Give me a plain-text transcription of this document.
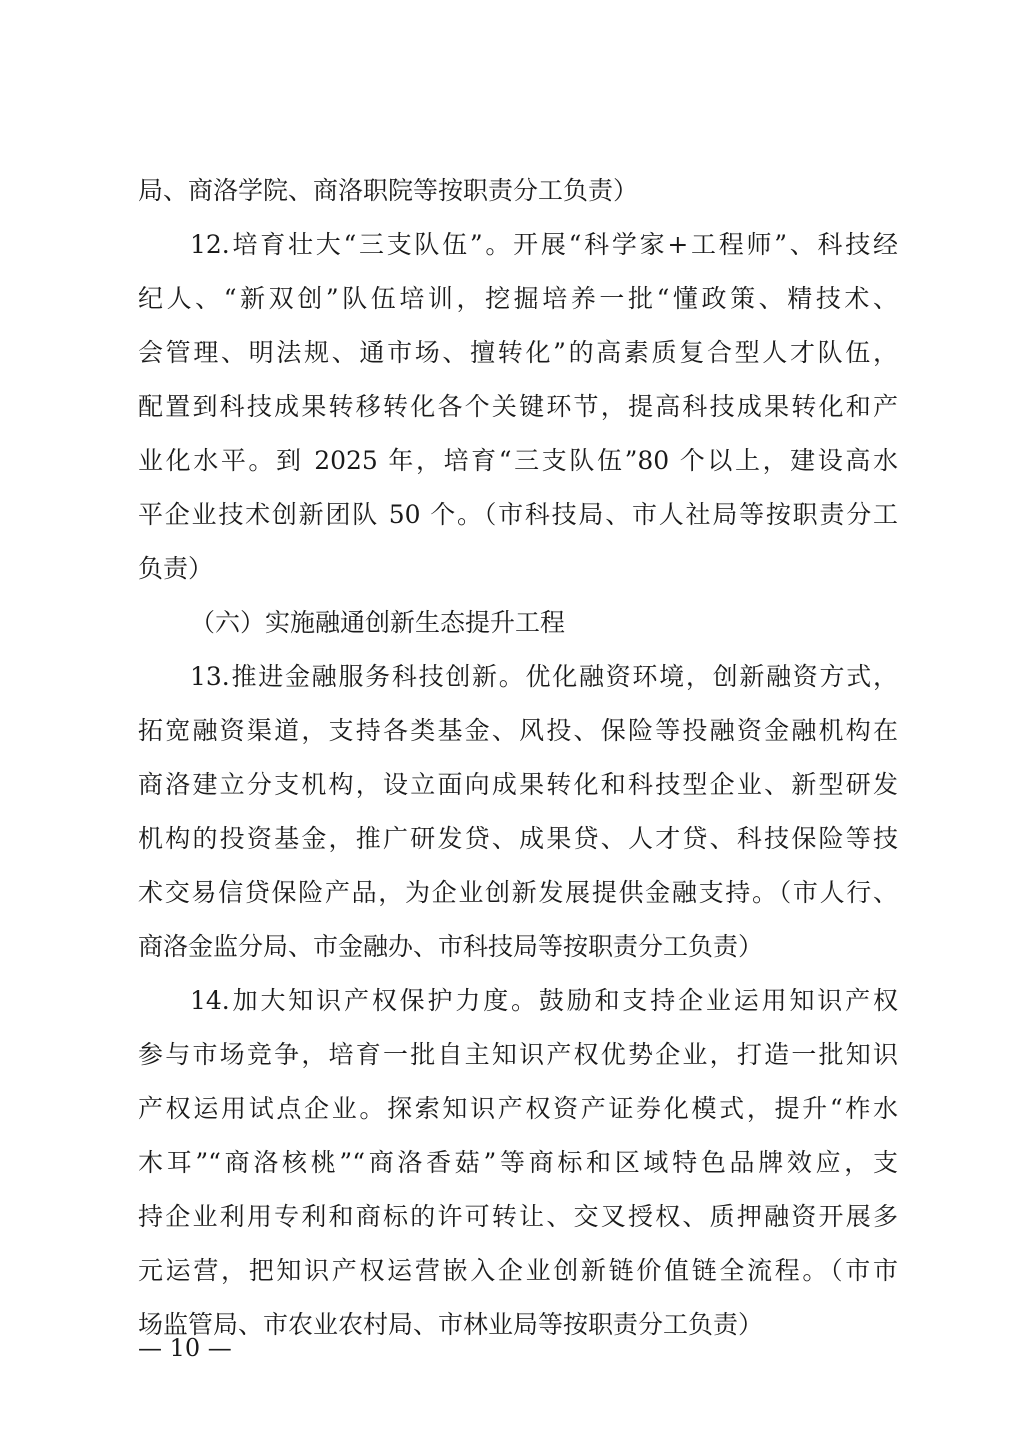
局、商洛学院、商洛职院等按职责分工负责）
12.培育壮大“三支队伍”。开展“科学家+工程师”、科技经
纪人、“新双创”队伍培训，挖掘培养一批“懂政策、精技术、
会管理、明法规、通市场、擅转化”的高素质复合型人才队伍，
配置到科技成果转移转化各个关键环节，提高科技成果转化和产
业化水平。到 2025 年，培育“三支队伍”80 个以上，建设高水
平企业技术创新团队 50 个。（市科技局、市人社局等按职责分工
负责）
（六）实施融通创新生态提升工程
13.推进金融服务科技创新。优化融资环境，创新融资方式，
拓宽融资渠道，支持各类基金、风投、保险等投融资金融机构在
商洛建立分支机构，设立面向成果转化和科技型企业、新型研发
机构的投资基金，推广研发贷、成果贷、人才贷、科技保险等技
术交易信贷保险产品，为企业创新发展提供金融支持。（市人行、
商洛金监分局、市金融办、市科技局等按职责分工负责）
14.加大知识产权保护力度。鼓励和支持企业运用知识产权
参与市场竞争，培育一批自主知识产权优势企业，打造一批知识
产权运用试点企业。探索知识产权资产证券化模式，提升“柞水
木耳”“商洛核桃”“商洛香菇”等商标和区域特色品牌效应，支
持企业利用专利和商标的许可转让、交叉授权、质押融资开展多
元运营，把知识产权运营嵌入企业创新链价值链全流程。（市市
场监管局、市农业农村局、市林业局等按职责分工负责）
— 10 —
